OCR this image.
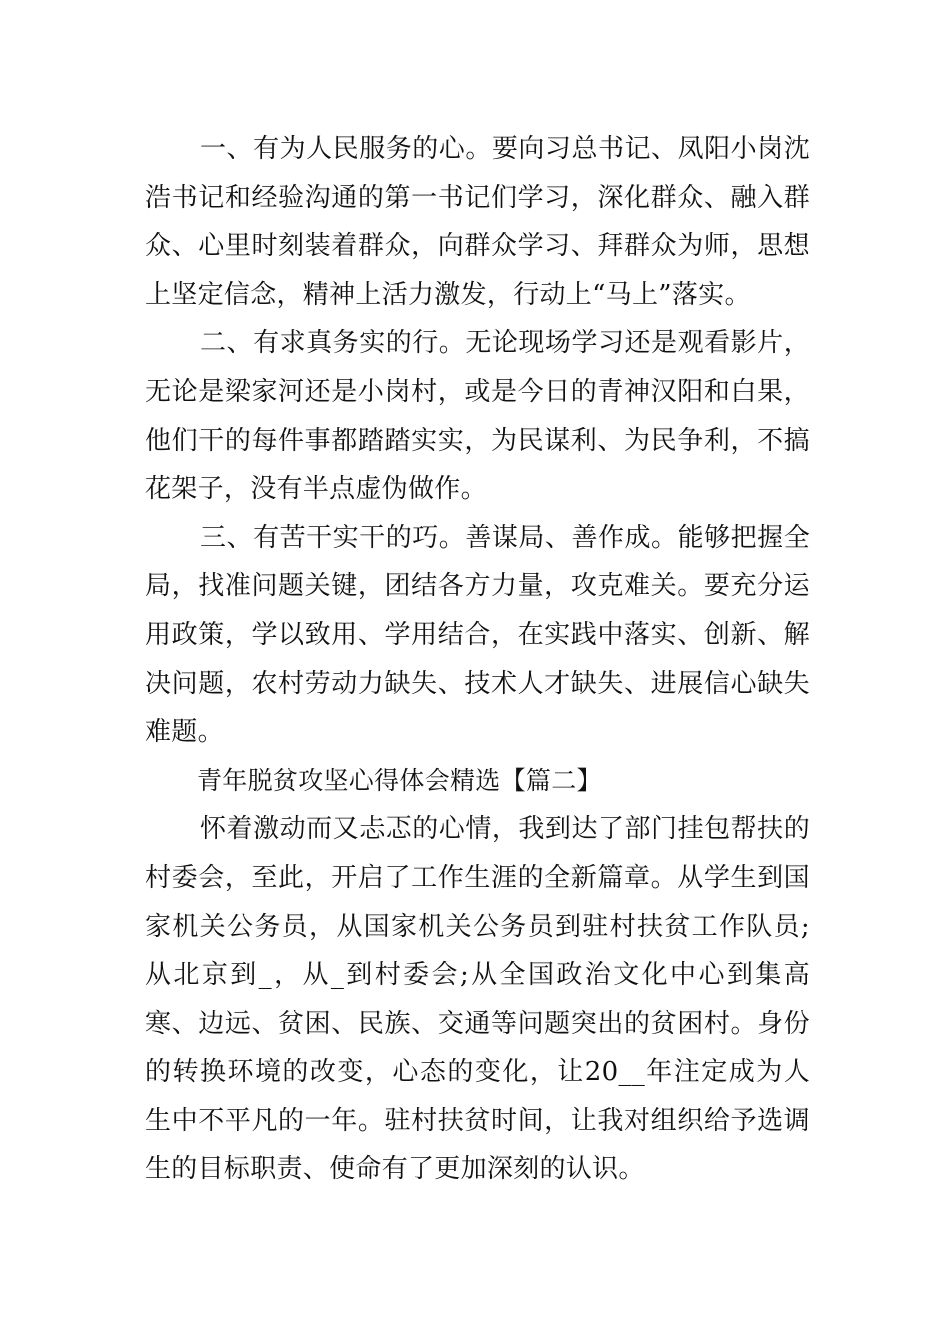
一、有为人民服务的心。要向习总书记、凤阳小岗沈浩书记和经验沟通的第一书记们学习，深化群众、融入群众、心里时刻装着群众，向群众学习、拜群众为师，思想上坚定信念，精神上活力激发，行动上“马上”落实。

二、有求真务实的行。无论现场学习还是观看影片，无论是梁家河还是小岗村，或是今日的青神汉阳和白果，他们干的每件事都踏踏实实，为民谋利、为民争利，不搞花架子，没有半点虚伪做作。

三、有苦干实干的巧。善谋局、善作成。能够把握全局，找准问题关键，团结各方力量，攻克难关。要充分运用政策，学以致用、学用结合，在实践中落实、创新、解决问题，农村劳动力缺失、技术人才缺失、进展信心缺失难题。

青年脱贫攻坚心得体会精选【篇二】

怀着激动而又忐忑的心情，我到达了部门挂包帮扶的村委会，至此，开启了工作生涯的全新篇章。从学生到国家机关公务员，从国家机关公务员到驻村扶贫工作队员;从北京到_，从_到村委会;从全国政治文化中心到集高寒、边远、贫困、民族、交通等问题突出的贫困村。身份的转换环境的改变，心态的变化，让20__年注定成为人生中不平凡的一年。驻村扶贫时间，让我对组织给予选调生的目标职责、使命有了更加深刻的认识。
